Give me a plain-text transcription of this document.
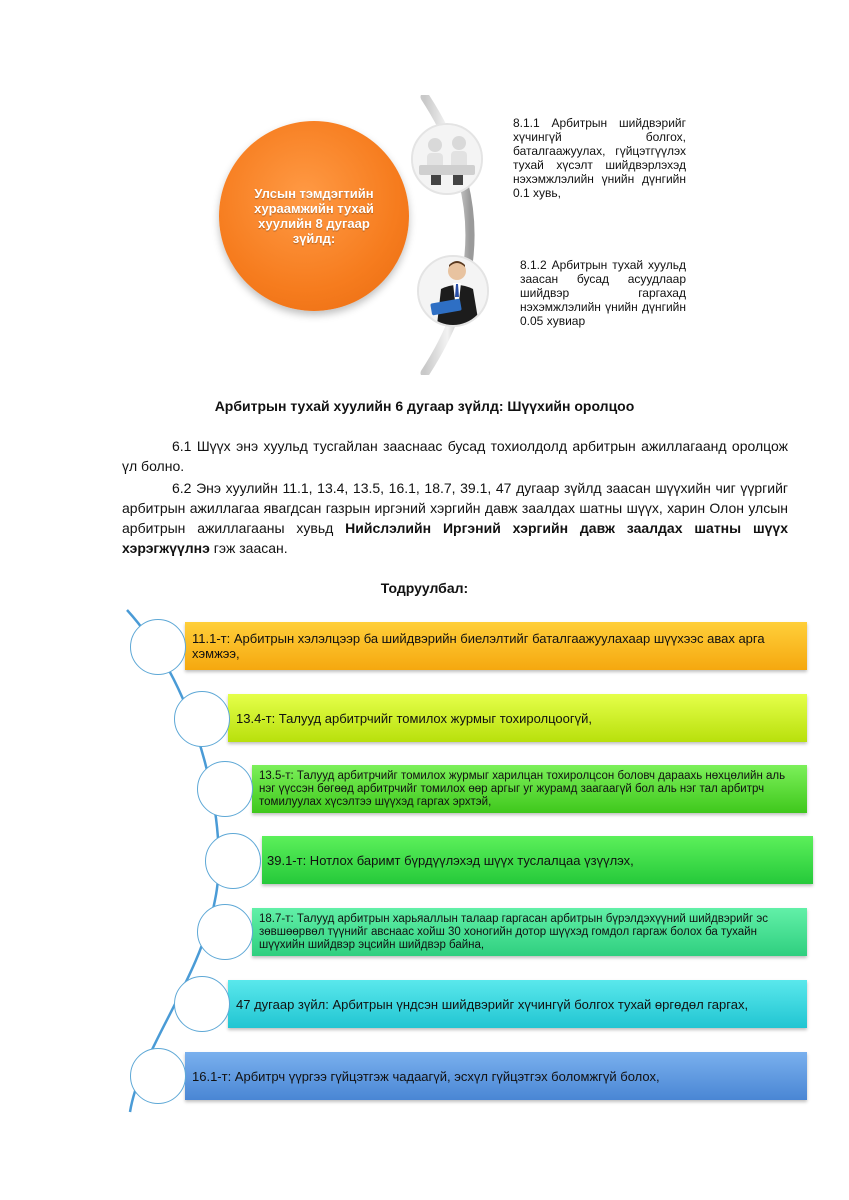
Улсын тэмдэгтийн хураамжийн тухай хуулийн 8 дугаар зүйлд:
8.1.1 Арбитрын шийдвэрийг хүчингүй болгох, баталгаажуулах, гүйцэтгүүлэх тухай хүсэлт шийдвэрлэхэд нэхэмжлэлийн үнийн дүнгийн 0.1 хувь,
8.1.2 Арбитрын тухай хуульд заасан бусад асуудлаар шийдвэр гаргахад нэхэмжлэлийн үнийн дүнгийн 0.05 хувиар
Арбитрын тухай хуулийн 6 дугаар зүйлд: Шүүхийн оролцоо

6.1 Шүүх энэ хуульд тусгайлан зааснаас бусад тохиолдолд арбитрын ажиллагаанд оролцож үл болно.

6.2 Энэ хуулийн 11.1, 13.4, 13.5, 16.1, 18.7, 39.1, 47 дугаар зүйлд заасан шүүхийн чиг үүргийг арбитрын ажиллагаа явагдсан газрын иргэний хэргийн давж заалдах шатны шүүх, харин Олон улсын арбитрын ажиллагааны хувьд Нийслэлийн Иргэний хэргийн давж заалдах шатны шүүх хэрэгжүүлнэ гэж заасан.

Тодруулбал:
11.1-т: Арбитрын хэлэлцээр ба шийдвэрийн биелэлтийг баталгаажуулахаар шүүхээс авах арга хэмжээ,
13.4-т: Талууд арбитрчийг томилох журмыг тохиролцоогүй,
13.5-т: Талууд арбитрчийг томилох журмыг харилцан тохиролцсон боловч дараахь нөхцөлийн аль нэг үүссэн бөгөөд арбитрчийг томилох өөр аргыг уг журамд заагаагүй бол аль нэг тал арбитрч томилуулах хүсэлтээ шүүхэд гаргах эрхтэй,
39.1-т: Нотлох баримт бүрдүүлэхэд шүүх туслалцаа үзүүлэх,
18.7-т: Талууд арбитрын харьяаллын талаар гаргасан арбитрын бүрэлдэхүүний шийдвэрийг эс зөвшөөрвөл түүнийг авснаас хойш 30 хоногийн дотор шүүхэд гомдол гаргаж болох ба тухайн шүүхийн шийдвэр эцсийн шийдвэр байна,
47 дугаар зүйл: Арбитрын үндсэн шийдвэрийг хүчингүй болгох тухай өргөдөл гаргах,
16.1-т: Арбитрч үүргээ гүйцэтгэж чадаагүй, эсхүл гүйцэтгэх боломжгүй болох,
